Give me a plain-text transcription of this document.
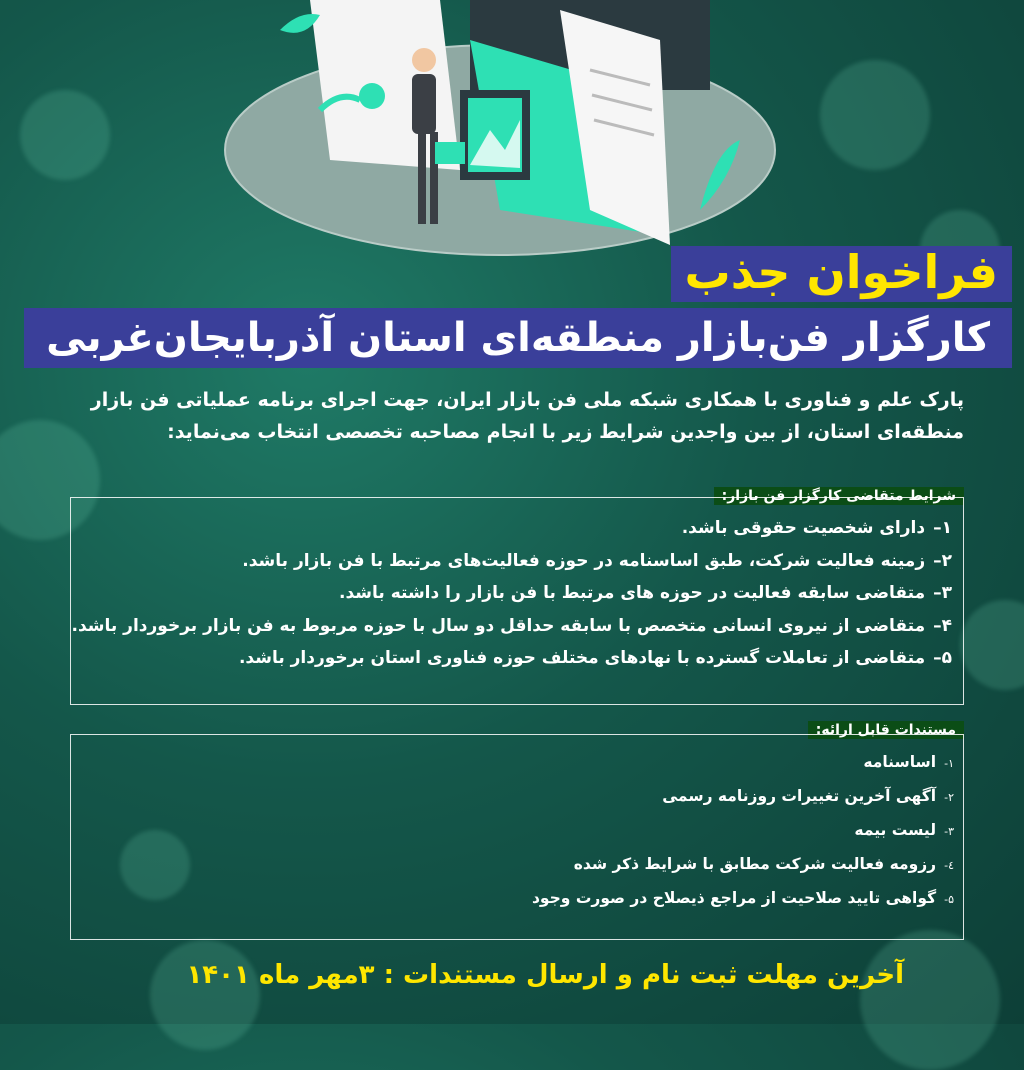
فراخوان جذب
کارگزار فن‌بازار منطقه‌ای استان آذربایجان‌غربی
پارک علم و فناوری با همکاری شبکه ملی فن بازار ایران، جهت اجرای برنامه عملیاتی فن بازار منطقه‌ای استان، از بین واجدین شرایط زیر با انجام مصاحبه تخصصی انتخاب می‌نماید:
شرایط متقاضی کارگزار فن بازار:
۱–دارای شخصیت حقوقی باشد.
۲–زمینه فعالیت شرکت، طبق اساسنامه در حوزه فعالیت‌های مرتبط با فن بازار باشد.
۳–متقاضی سابقه فعالیت در حوزه های مرتبط با فن بازار را داشته باشد.
۴–متقاضی از نیروی انسانی متخصص با سابقه حداقل دو سال با حوزه مربوط به فن بازار برخوردار باشد.
۵–متقاضی از تعاملات گسترده با نهادهای مختلف حوزه فناوری استان برخوردار باشد.
مستندات قابل ارائه:
۱-اساسنامه
۲-آگهی آخرین تغییرات روزنامه رسمی
۳-لیست بیمه
٤-رزومه فعالیت شرکت مطابق با شرایط ذکر شده
۵-گواهی تایید صلاحیت از مراجع ذیصلاح در صورت وجود
آخرین مهلت ثبت نام و ارسال مستندات : ۳مهر ماه ۱۴۰۱
